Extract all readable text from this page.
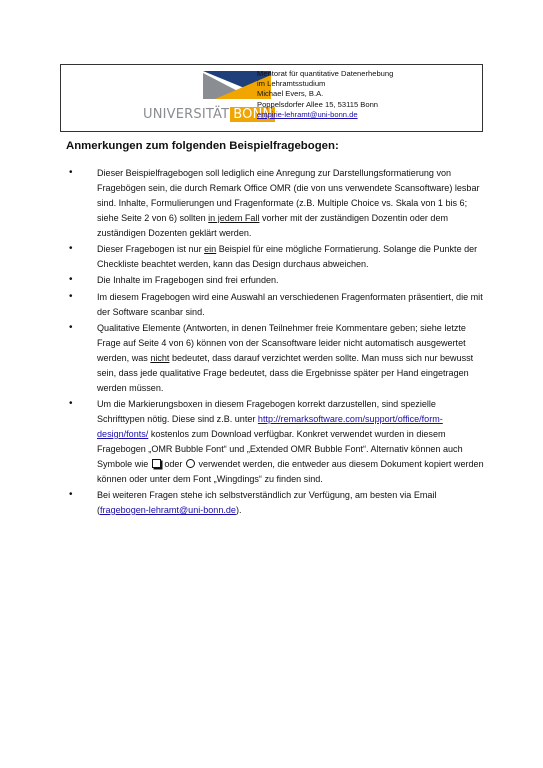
UNIVERSITÄT BONN
Mentorat für quantitative Datenerhebung
im Lehramtsstudium
Michael Evers, B.A.
Poppelsdorfer Allee 15, 53115 Bonn
empirie-lehramt@uni-bonn.de
Anmerkungen zum folgenden Beispielfragebogen:
• Dieser Beispielfragebogen soll lediglich eine Anregung zur Darstellungsformatierung von Fragebögen sein, die durch Remark Office OMR (die von uns verwendete Scansoftware) lesbar sind. Inhalte, Formulierungen und Fragenformate (z.B. Multiple Choice vs. Skala von 1 bis 6; siehe Seite 2 von 6) sollten in jedem Fall vorher mit der zuständigen Dozentin oder dem zuständigen Dozenten geklärt werden.
• Dieser Fragebogen ist nur ein Beispiel für eine mögliche Formatierung. Solange die Punkte der Checkliste beachtet werden, kann das Design durchaus abweichen.
• Die Inhalte im Fragebogen sind frei erfunden.
• Im diesem Fragebogen wird eine Auswahl an verschiedenen Fragenformaten präsentiert, die mit der Software scanbar sind.
• Qualitative Elemente (Antworten, in denen Teilnehmer freie Kommentare geben; siehe letzte Frage auf Seite 4 von 6) können von der Scansoftware leider nicht automatisch ausgewertet werden, was nicht bedeutet, dass darauf verzichtet werden sollte. Man muss sich nur bewusst sein, dass jede qualitative Frage bedeutet, dass die Ergebnisse später per Hand eingetragen werden müssen.
• Um die Markierungsboxen in diesem Fragebogen korrekt darzustellen, sind spezielle Schrifttypen nötig. Diese sind z.B. unter http://remarksoftware.com/support/office/form-design/fonts/ kostenlos zum Download verfügbar. Konkret verwendet wurden in diesem Fragebogen „OMR Bubble Font“ und „Extended OMR Bubble Font“. Alternativ können auch Symbole wie  oder  verwendet werden, die entweder aus diesem Dokument kopiert werden können oder unter dem Font „Wingdings“ zu finden sind.
• Bei weiteren Fragen stehe ich selbstverständlich zur Verfügung, am besten via Email (fragebogen-lehramt@uni-bonn.de).
